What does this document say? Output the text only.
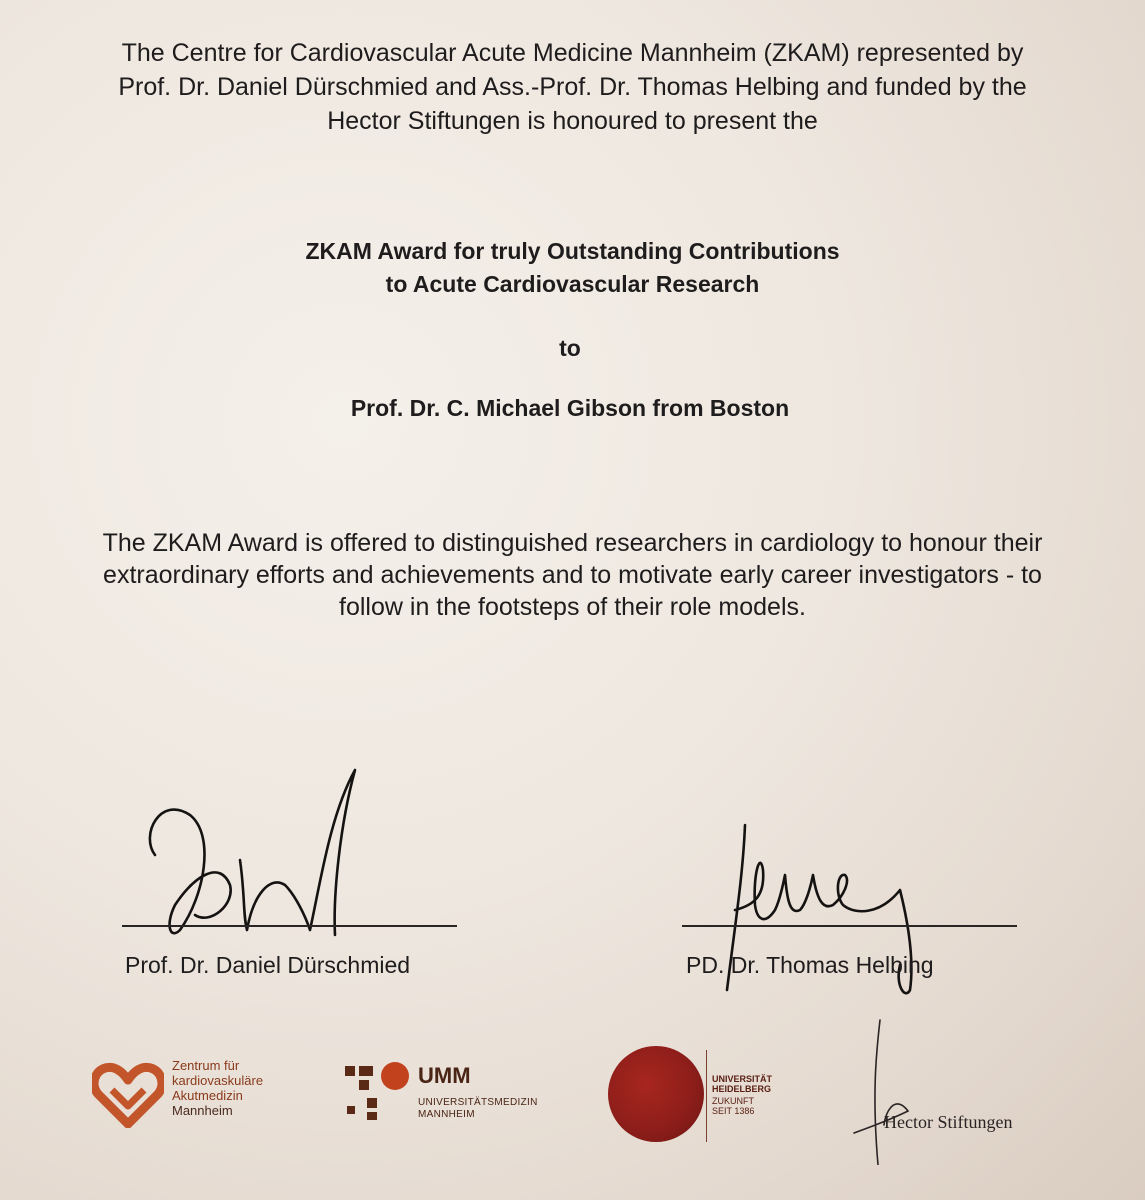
The Centre for Cardiovascular Acute Medicine Mannheim (ZKAM) represented by
Prof. Dr. Daniel Dürschmied and Ass.-Prof. Dr. Thomas Helbing and funded by the
Hector Stiftungen is honoured to present the
ZKAM Award for truly Outstanding Contributions
to Acute Cardiovascular Research
to
Prof. Dr. C. Michael Gibson from Boston
The ZKAM Award is offered to distinguished researchers in cardiology to honour their
extraordinary efforts and achievements and to motivate early career investigators - to
follow in the footsteps of their role models.
Prof. Dr. Daniel Dürschmied	PD. Dr. Thomas Helbing
Zentrum für
kardiovaskuläre
Akutmedizin
Mannheim
UMM
UNIVERSITÄTSMEDIZIN
MANNHEIM
UNIVERSITÄT
HEIDELBERG
ZUKUNFT
SEIT 1386
Hector Stiftungen
